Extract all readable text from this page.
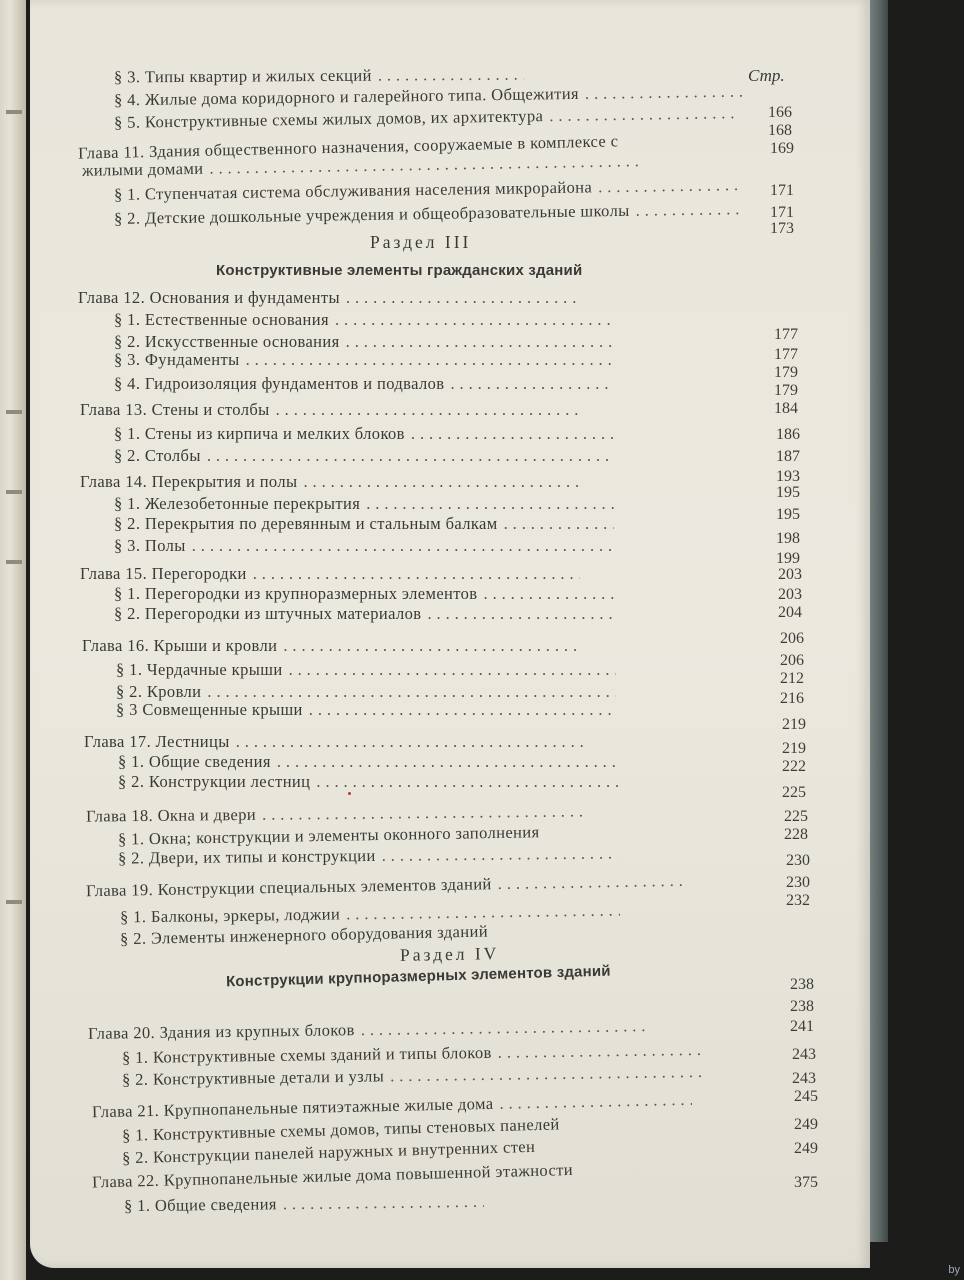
Стр.
§ 3. Типы квартир и жилых секций
. . .
§ 4. Жилые дома коридорного и галерейного типа. Общежития
. . .
§ 5. Конструктивные схемы жилых домов, их архитектура
. . .
Глава 11. Здания общественного назначения, сооружаемые в комплексе с
жилыми домами
. . .
§ 1. Ступенчатая система обслуживания населения микрорайона
. . .
§ 2. Детские дошкольные учреждения и общеобразовательные школы
. . .
Раздел III
Конструктивные элементы гражданских зданий
Глава 12. Основания и фундаменты
. . .
§ 1. Естественные основания
. . .
§ 2. Искусственные основания
. . .
§ 3. Фундаменты
. . .
§ 4. Гидроизоляция фундаментов и подвалов
. . .
Глава 13. Стены и столбы
. . .
§ 1. Стены из кирпича и мелких блоков
. . .
§ 2. Столбы
. . .
Глава 14. Перекрытия и полы
. . .
§ 1. Железобетонные перекрытия
. . .
§ 2. Перекрытия по деревянным и стальным балкам
. . .
§ 3. Полы
. . .
Глава 15. Перегородки
. . .
§ 1. Перегородки из крупноразмерных элементов
. . .
§ 2. Перегородки из штучных материалов
. . .
Глава 16. Крыши и кровли
. . .
§ 1. Чердачные крыши
. . .
§ 2. Кровли
. . .
§ 3 Совмещенные крыши
. . .
Глава 17. Лестницы
. . .
§ 1. Общие сведения
. . .
§ 2. Конструкции лестниц
. . .
Глава 18. Окна и двери
. . .
§ 1. Окна; конструкции и элементы оконного заполнения
§ 2. Двери, их типы и конструкции
. . .
Глава 19. Конструкции специальных элементов зданий
. . .
§ 1. Балконы, эркеры, лоджии
. . .
§ 2. Элементы инженерного оборудования зданий
Раздел IV
Конструкции крупноразмерных элементов зданий
Глава 20. Здания из крупных блоков
. . .
§ 1. Конструктивные схемы зданий и типы блоков
. . .
§ 2. Конструктивные детали и узлы
. . .
Глава 21. Крупнопанельные пятиэтажные жилые дома
. . .
§ 1. Конструктивные схемы домов, типы стеновых панелей
§ 2. Конструкции панелей наружных и внутренних стен
Глава 22. Крупнопанельные жилые дома повышенной этажности
§ 1. Общие сведения
. . .
166
168
169
171
171
173
177
177
179
179
184
186
187
193
195
195
198
199
203
203
204
206
206
212
216
219
219
222
225
225
228
230
230
232
238
238
241
243
243
245
249
249
375
by
